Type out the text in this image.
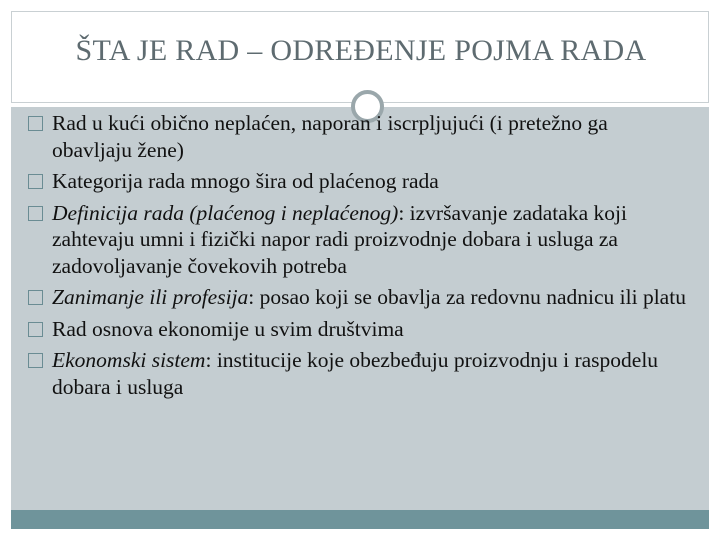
ŠTA JE RAD – ODREĐENJE POJMA RADA
Rad u kući obično neplaćen, naporan i iscrpljujući (i pretežno ga obavljaju žene)
Kategorija rada mnogo šira od plaćenog rada
Definicija rada (plaćenog i neplaćenog): izvršavanje zadataka koji zahtevaju umni i fizički napor radi proizvodnje dobara i usluga za zadovoljavanje čovekovih potreba
Zanimanje ili profesija: posao koji se obavlja za redovnu nadnicu ili platu
Rad osnova ekonomije u svim društvima
Ekonomski sistem: institucije koje obezbeđuju proizvodnju i raspodelu dobara i usluga
